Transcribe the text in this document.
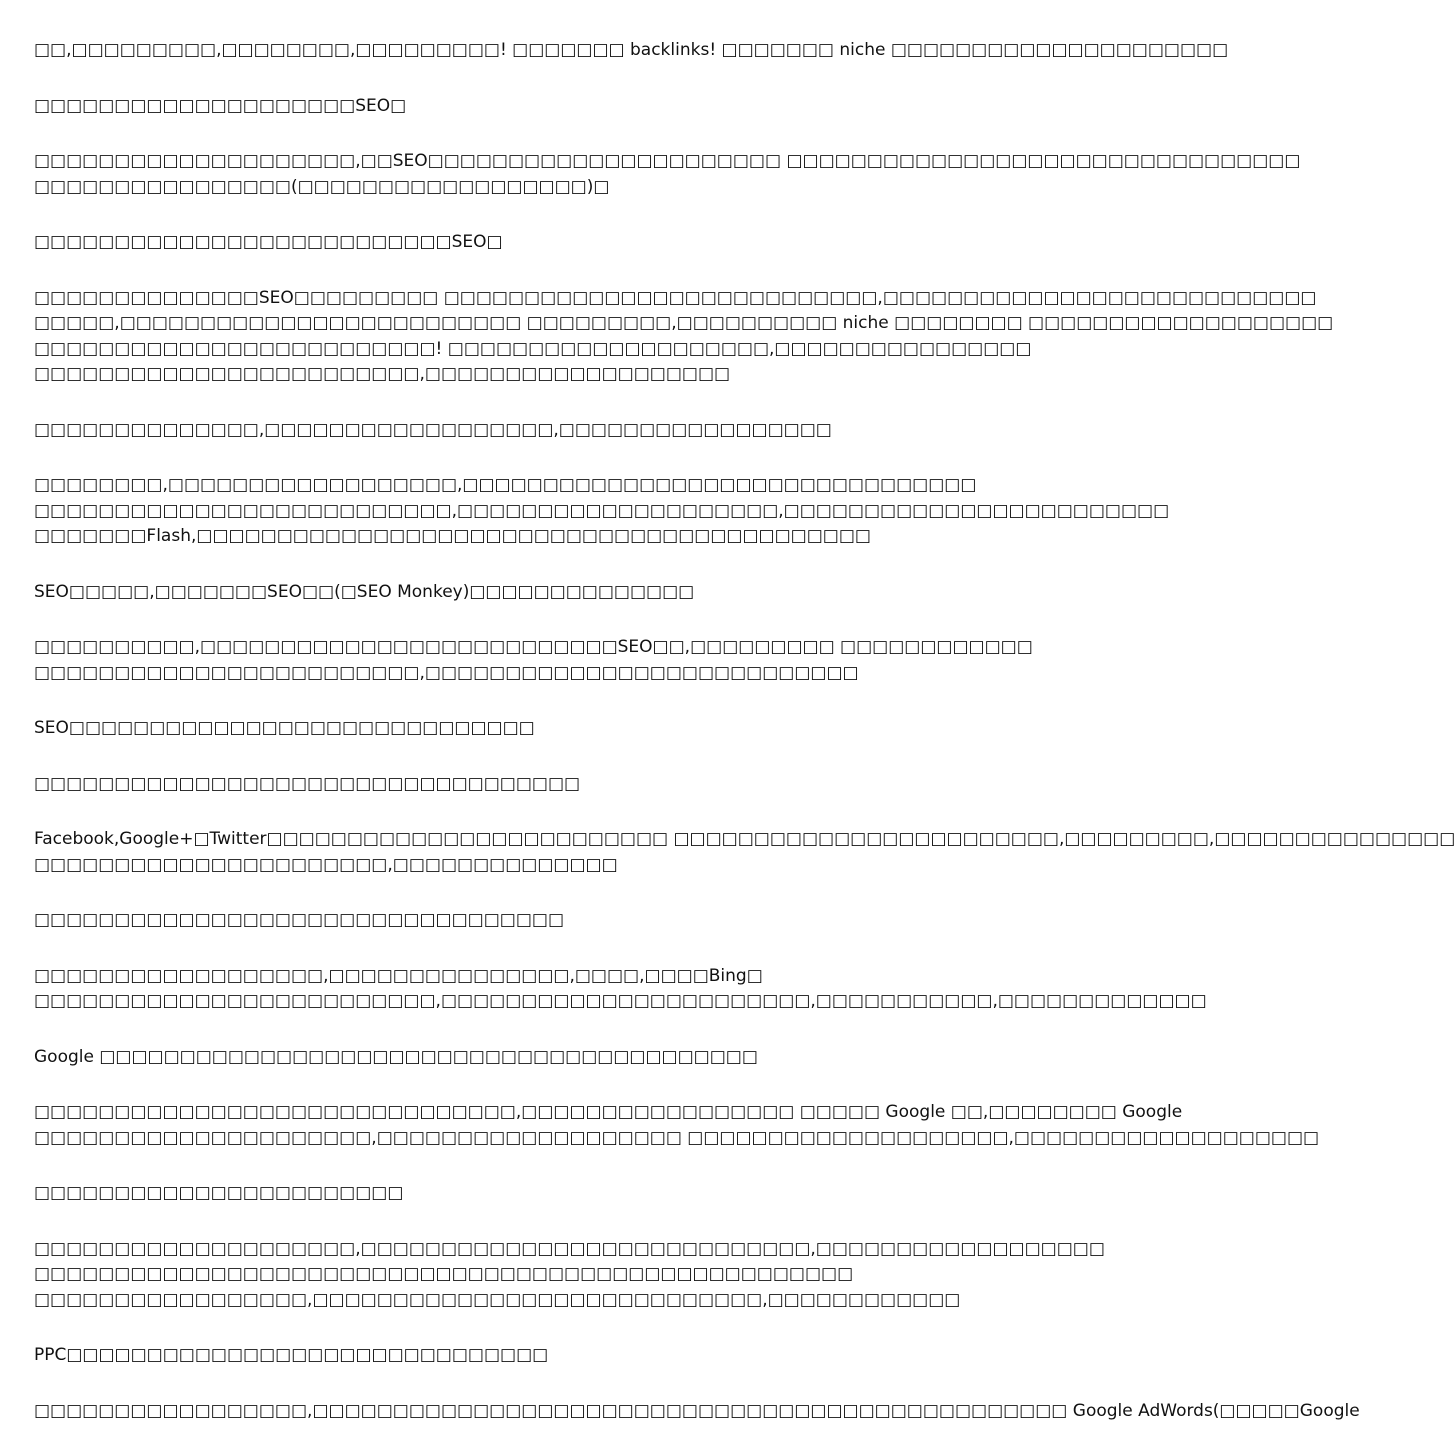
□□,□□□□□□□□□,□□□□□□□□,□□□□□□□□□! □□□□□□□ backlinks! □□□□□□□ niche □□□□□□□□□□□□□□□□□□□□□

□□□□□□□□□□□□□□□□□□□□SEO□

□□□□□□□□□□□□□□□□□□□□,□□SEO□□□□□□□□□□□□□□□□□□□□□□ □□□□□□□□□□□□□□□□□□□□□□□□□□□□□□□□
□□□□□□□□□□□□□□□□(□□□□□□□□□□□□□□□□□□)□

□□□□□□□□□□□□□□□□□□□□□□□□□□SEO□

□□□□□□□□□□□□□□SEO□□□□□□□□□ □□□□□□□□□□□□□□□□□□□□□□□□□□□,□□□□□□□□□□□□□□□□□□□□□□□□□□□
□□□□□,□□□□□□□□□□□□□□□□□□□□□□□□□ □□□□□□□□□,□□□□□□□□□□ niche □□□□□□□□ □□□□□□□□□□□□□□□□□□□
□□□□□□□□□□□□□□□□□□□□□□□□□! □□□□□□□□□□□□□□□□□□□□,□□□□□□□□□□□□□□□□
□□□□□□□□□□□□□□□□□□□□□□□□,□□□□□□□□□□□□□□□□□□□

□□□□□□□□□□□□□□,□□□□□□□□□□□□□□□□□□,□□□□□□□□□□□□□□□□□

□□□□□□□□,□□□□□□□□□□□□□□□□□□,□□□□□□□□□□□□□□□□□□□□□□□□□□□□□□□□
□□□□□□□□□□□□□□□□□□□□□□□□□□,□□□□□□□□□□□□□□□□□□□□,□□□□□□□□□□□□□□□□□□□□□□□□
□□□□□□□Flash,□□□□□□□□□□□□□□□□□□□□□□□□□□□□□□□□□□□□□□□□□□

SEO□□□□□,□□□□□□□SEO□□(□SEO Monkey)□□□□□□□□□□□□□□

□□□□□□□□□□,□□□□□□□□□□□□□□□□□□□□□□□□□□SEO□□,□□□□□□□□□ □□□□□□□□□□□□
□□□□□□□□□□□□□□□□□□□□□□□□,□□□□□□□□□□□□□□□□□□□□□□□□□□□

SEO□□□□□□□□□□□□□□□□□□□□□□□□□□□□□

□□□□□□□□□□□□□□□□□□□□□□□□□□□□□□□□□□

Facebook,Google+□Twitter□□□□□□□□□□□□□□□□□□□□□□□□□ □□□□□□□□□□□□□□□□□□□□□□□□,□□□□□□□□□,□□□□□□□□□□□□□□□
□□□□□□□□□□□□□□□□□□□□□□,□□□□□□□□□□□□□□

□□□□□□□□□□□□□□□□□□□□□□□□□□□□□□□□□

□□□□□□□□□□□□□□□□□□,□□□□□□□□□□□□□□□,□□□□,□□□□Bing□
□□□□□□□□□□□□□□□□□□□□□□□□□,□□□□□□□□□□□□□□□□□□□□□□□,□□□□□□□□□□□,□□□□□□□□□□□□□

Google □□□□□□□□□□□□□□□□□□□□□□□□□□□□□□□□□□□□□□□□□

□□□□□□□□□□□□□□□□□□□□□□□□□□□□□□,□□□□□□□□□□□□□□□□□ □□□□□ Google □□,□□□□□□□□ Google
□□□□□□□□□□□□□□□□□□□□□,□□□□□□□□□□□□□□□□□□□ □□□□□□□□□□□□□□□□□□□□,□□□□□□□□□□□□□□□□□□□

□□□□□□□□□□□□□□□□□□□□□□□

□□□□□□□□□□□□□□□□□□□□,□□□□□□□□□□□□□□□□□□□□□□□□□□□□,□□□□□□□□□□□□□□□□□□
□□□□□□□□□□□□□□□□□□□□□□□□□□□□□□□□□□□□□□□□□□□□□□□□□□□
□□□□□□□□□□□□□□□□□,□□□□□□□□□□□□□□□□□□□□□□□□□□□□,□□□□□□□□□□□□

PPC□□□□□□□□□□□□□□□□□□□□□□□□□□□□□□

□□□□□□□□□□□□□□□□□,□□□□□□□□□□□□□□□□□□□□□□□□□□□□□□□□□□□□□□□□□□□□□□□ Google AdWords(□□□□□Google
